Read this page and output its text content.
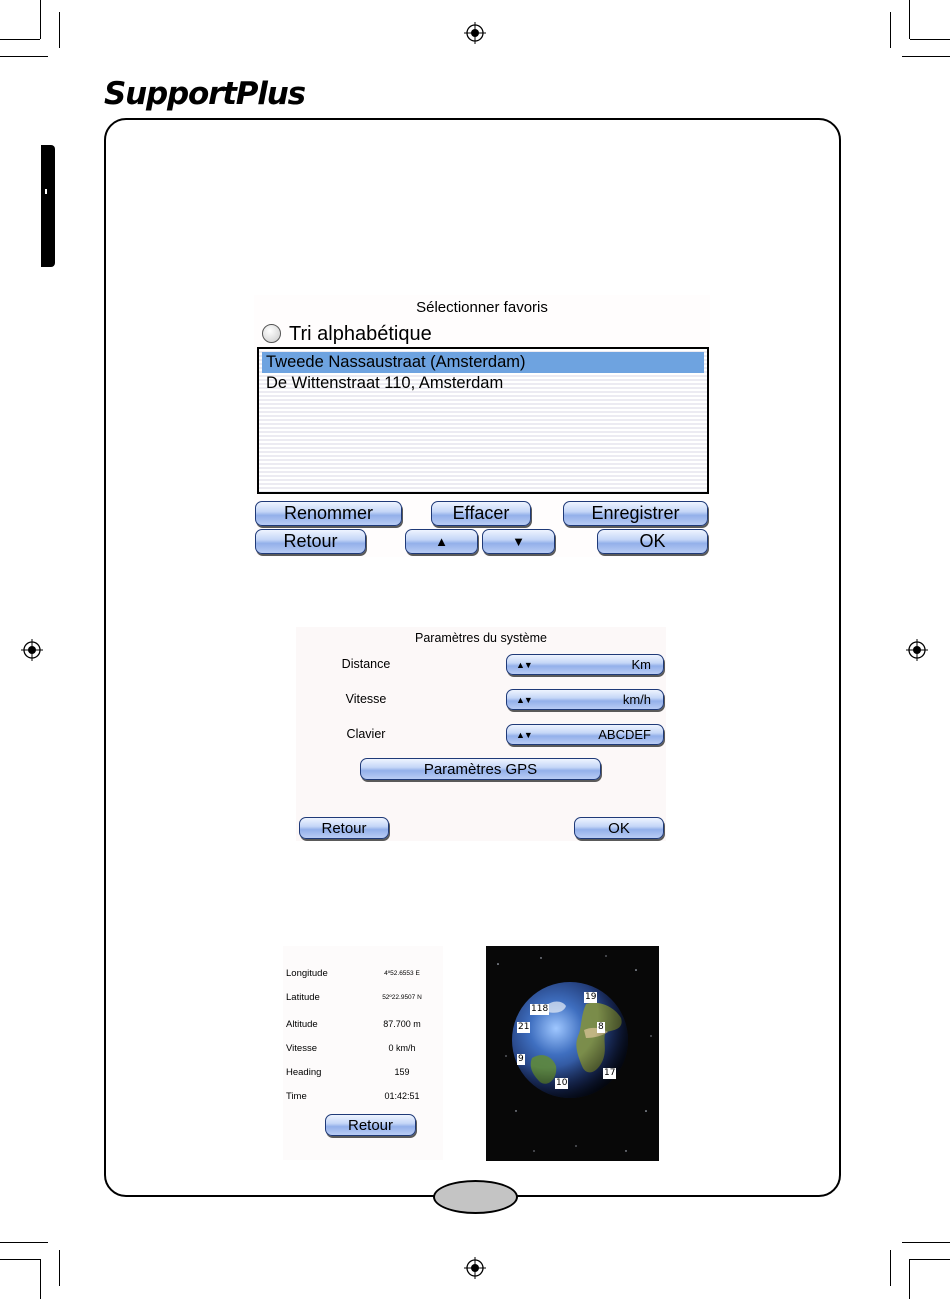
SupportPlus
Sélectionner favoris
Tri alphabétique
Tweede Nassaustraat (Amsterdam)
De Wittenstraat 110, Amsterdam
Renommer	Effacer	Enregistrer
Retour	▲	▼	OK
Paramètres du système
Distance	▲▼	Km
Vitesse	▲▼	km/h
Clavier	▲▼	ABCDEF
Paramètres GPS
Retour	OK
Longitude	4º52.6553 E
Latitude	52º22.9507 N
Altitude	87.700 m
Vitesse	0 km/h
Heading	159
Time	01:42:51
Retour
118
19
21	8
9
10
17
